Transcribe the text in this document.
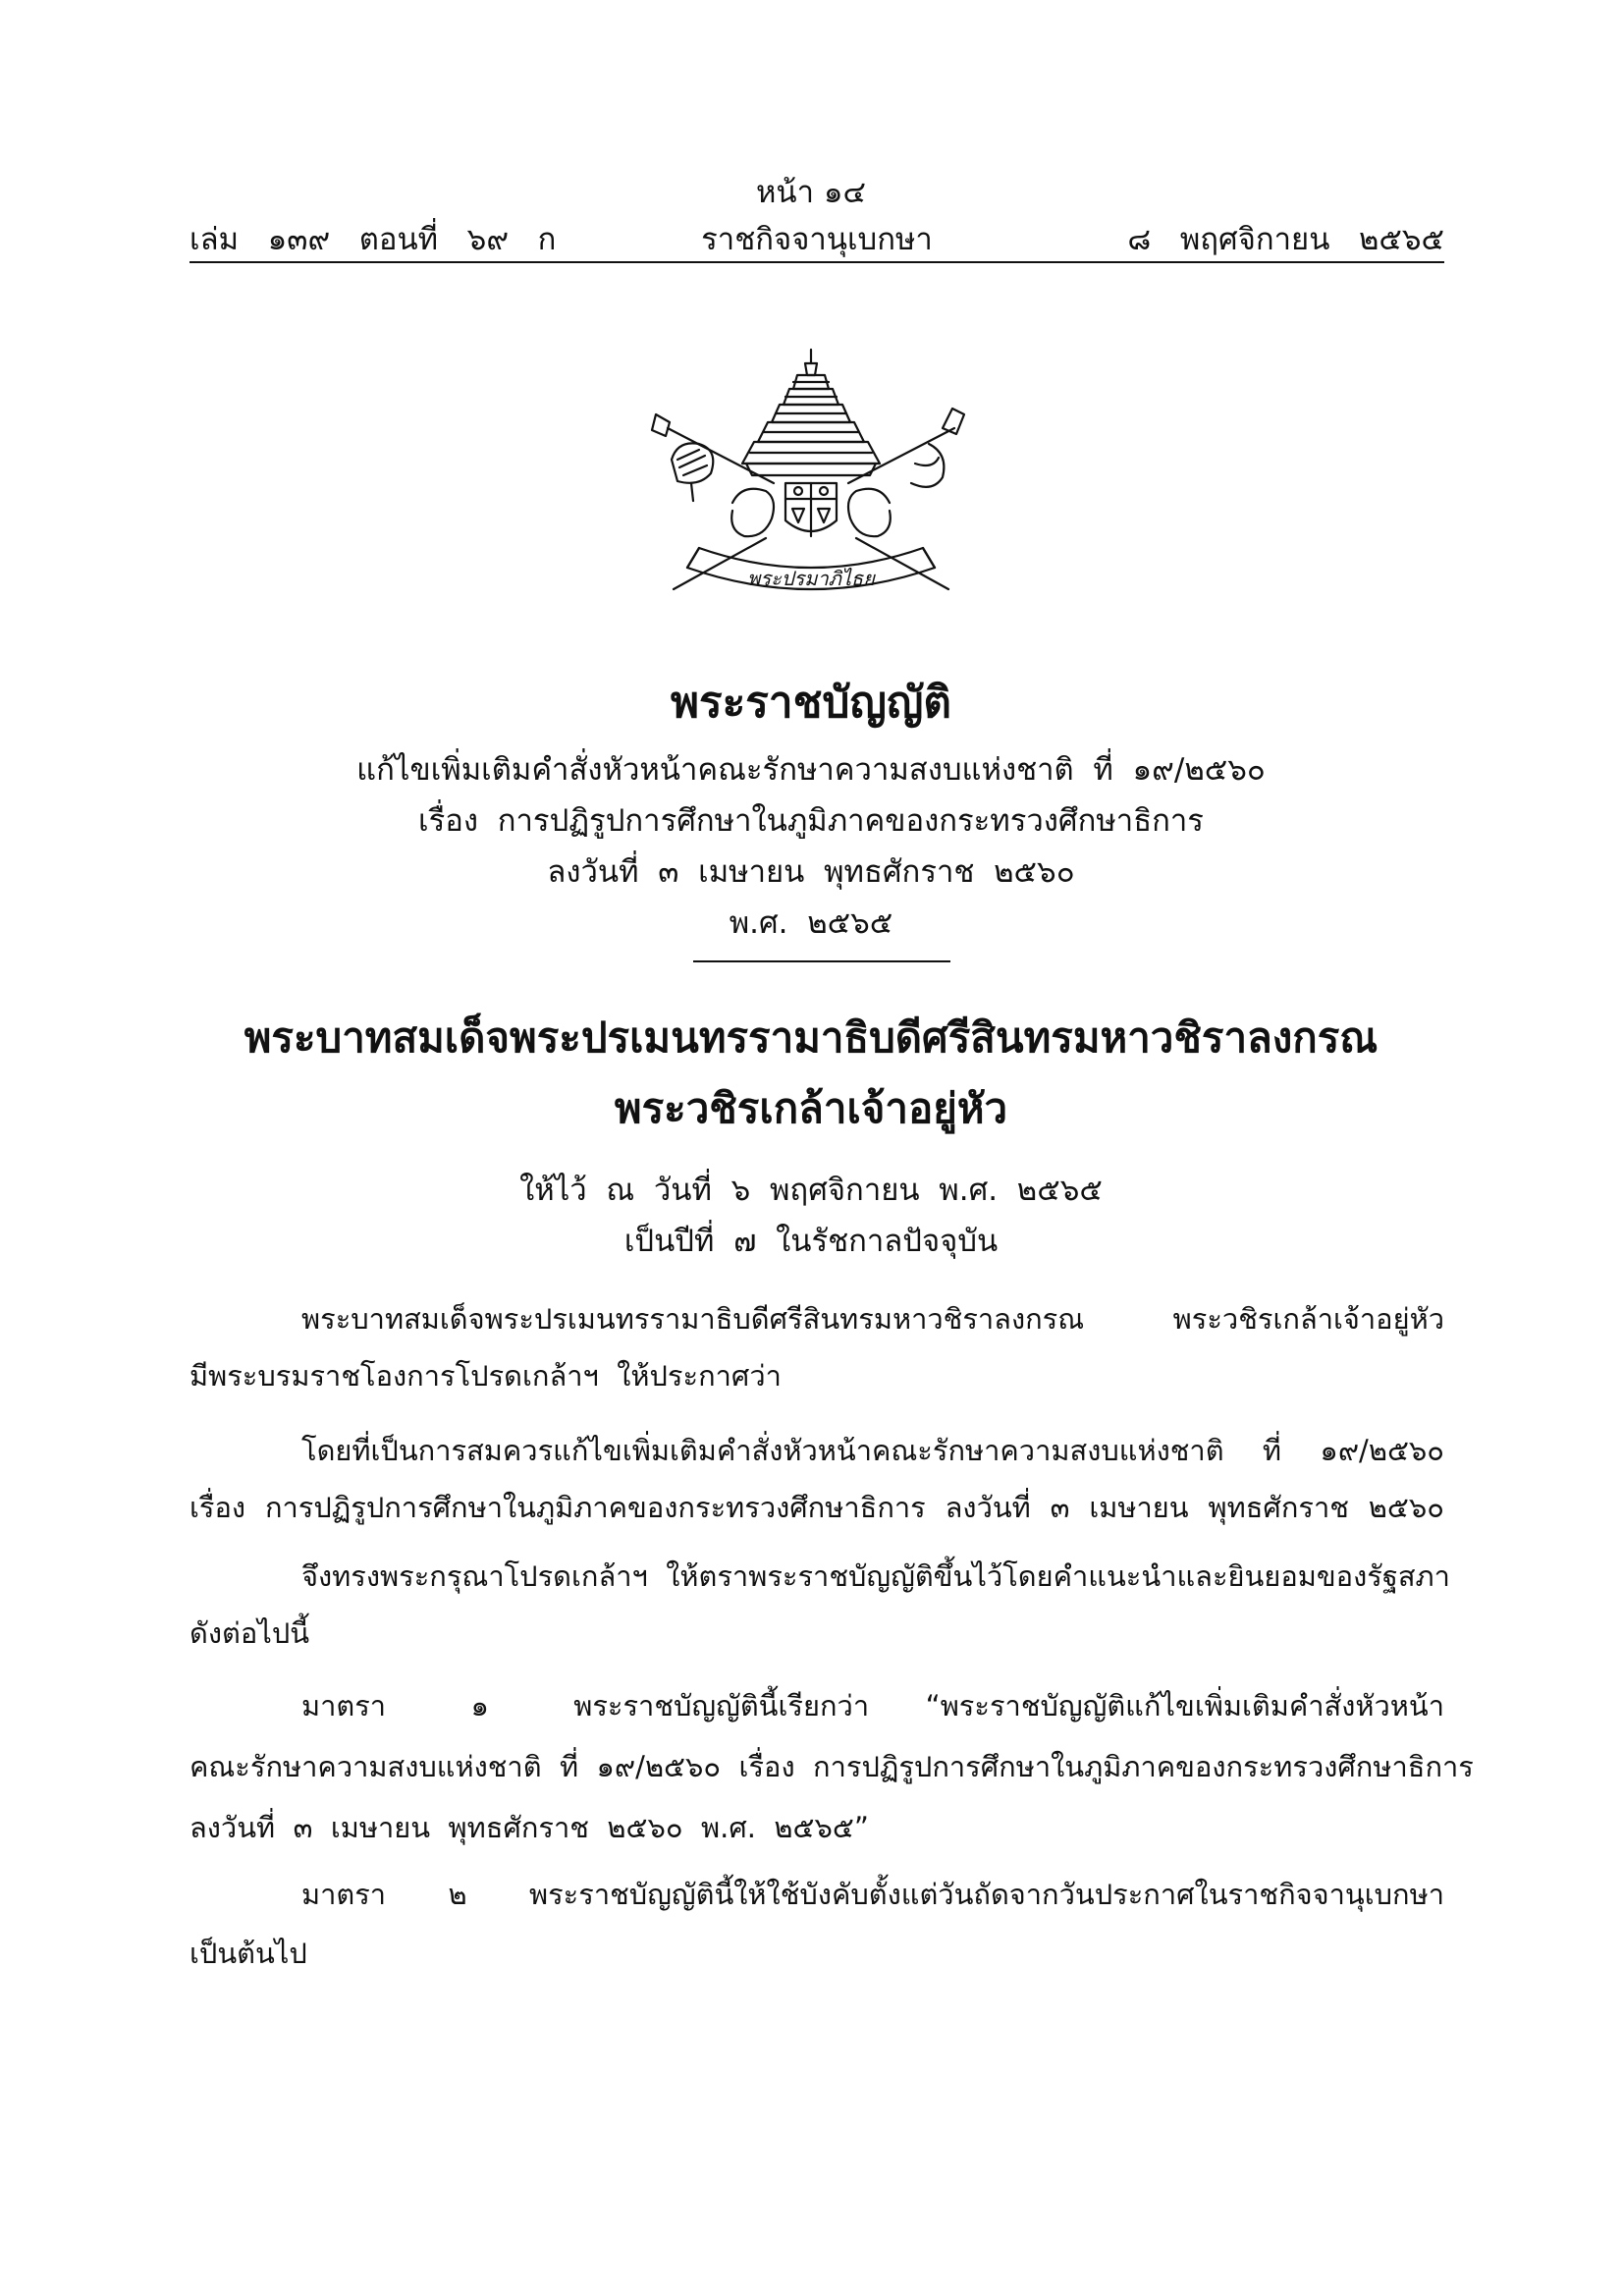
หน้า ๑๔
เล่ม   ๑๓๙   ตอนที่   ๖๙   ก	ราชกิจจานุเบกษา	๘   พฤศจิกายน   ๒๕๖๕
พระปรมาภิไธย
พระราชบัญญัติ
แก้ไขเพิ่มเติมคำสั่งหัวหน้าคณะรักษาความสงบแห่งชาติ  ที่  ๑๙/๒๕๖๐
เรื่อง  การปฏิรูปการศึกษาในภูมิภาคของกระทรวงศึกษาธิการ
ลงวันที่  ๓  เมษายน  พุทธศักราช  ๒๕๖๐
พ.ศ.  ๒๕๖๕
พระบาทสมเด็จพระปรเมนทรรามาธิบดีศรีสินทรมหาวชิราลงกรณ
พระวชิรเกล้าเจ้าอยู่หัว
ให้ไว้  ณ  วันที่  ๖  พฤศจิกายน  พ.ศ.  ๒๕๖๕
เป็นปีที่  ๗  ในรัชกาลปัจจุบัน
พระบาทสมเด็จพระปรเมนทรรามาธิบดีศรีสินทรมหาวชิราลงกรณ  พระวชิรเกล้าเจ้าอยู่หัว
มีพระบรมราชโองการโปรดเกล้าฯ  ให้ประกาศว่า
โดยที่เป็นการสมควรแก้ไขเพิ่มเติมคำสั่งหัวหน้าคณะรักษาความสงบแห่งชาติ  ที่  ๑๙/๒๕๖๐
เรื่อง  การปฏิรูปการศึกษาในภูมิภาคของกระทรวงศึกษาธิการ  ลงวันที่  ๓  เมษายน  พุทธศักราช  ๒๕๖๐
จึงทรงพระกรุณาโปรดเกล้าฯ  ให้ตราพระราชบัญญัติขึ้นไว้โดยคำแนะนำและยินยอมของรัฐสภา
ดังต่อไปนี้
มาตรา   ๑   พระราชบัญญัตินี้เรียกว่า  “พระราชบัญญัติแก้ไขเพิ่มเติมคำสั่งหัวหน้า
คณะรักษาความสงบแห่งชาติ  ที่  ๑๙/๒๕๖๐  เรื่อง  การปฏิรูปการศึกษาในภูมิภาคของกระทรวงศึกษาธิการ
ลงวันที่  ๓  เมษายน  พุทธศักราช  ๒๕๖๐  พ.ศ.  ๒๕๖๕”
มาตรา   ๒   พระราชบัญญัตินี้ให้ใช้บังคับตั้งแต่วันถัดจากวันประกาศในราชกิจจานุเบกษา
เป็นต้นไป
